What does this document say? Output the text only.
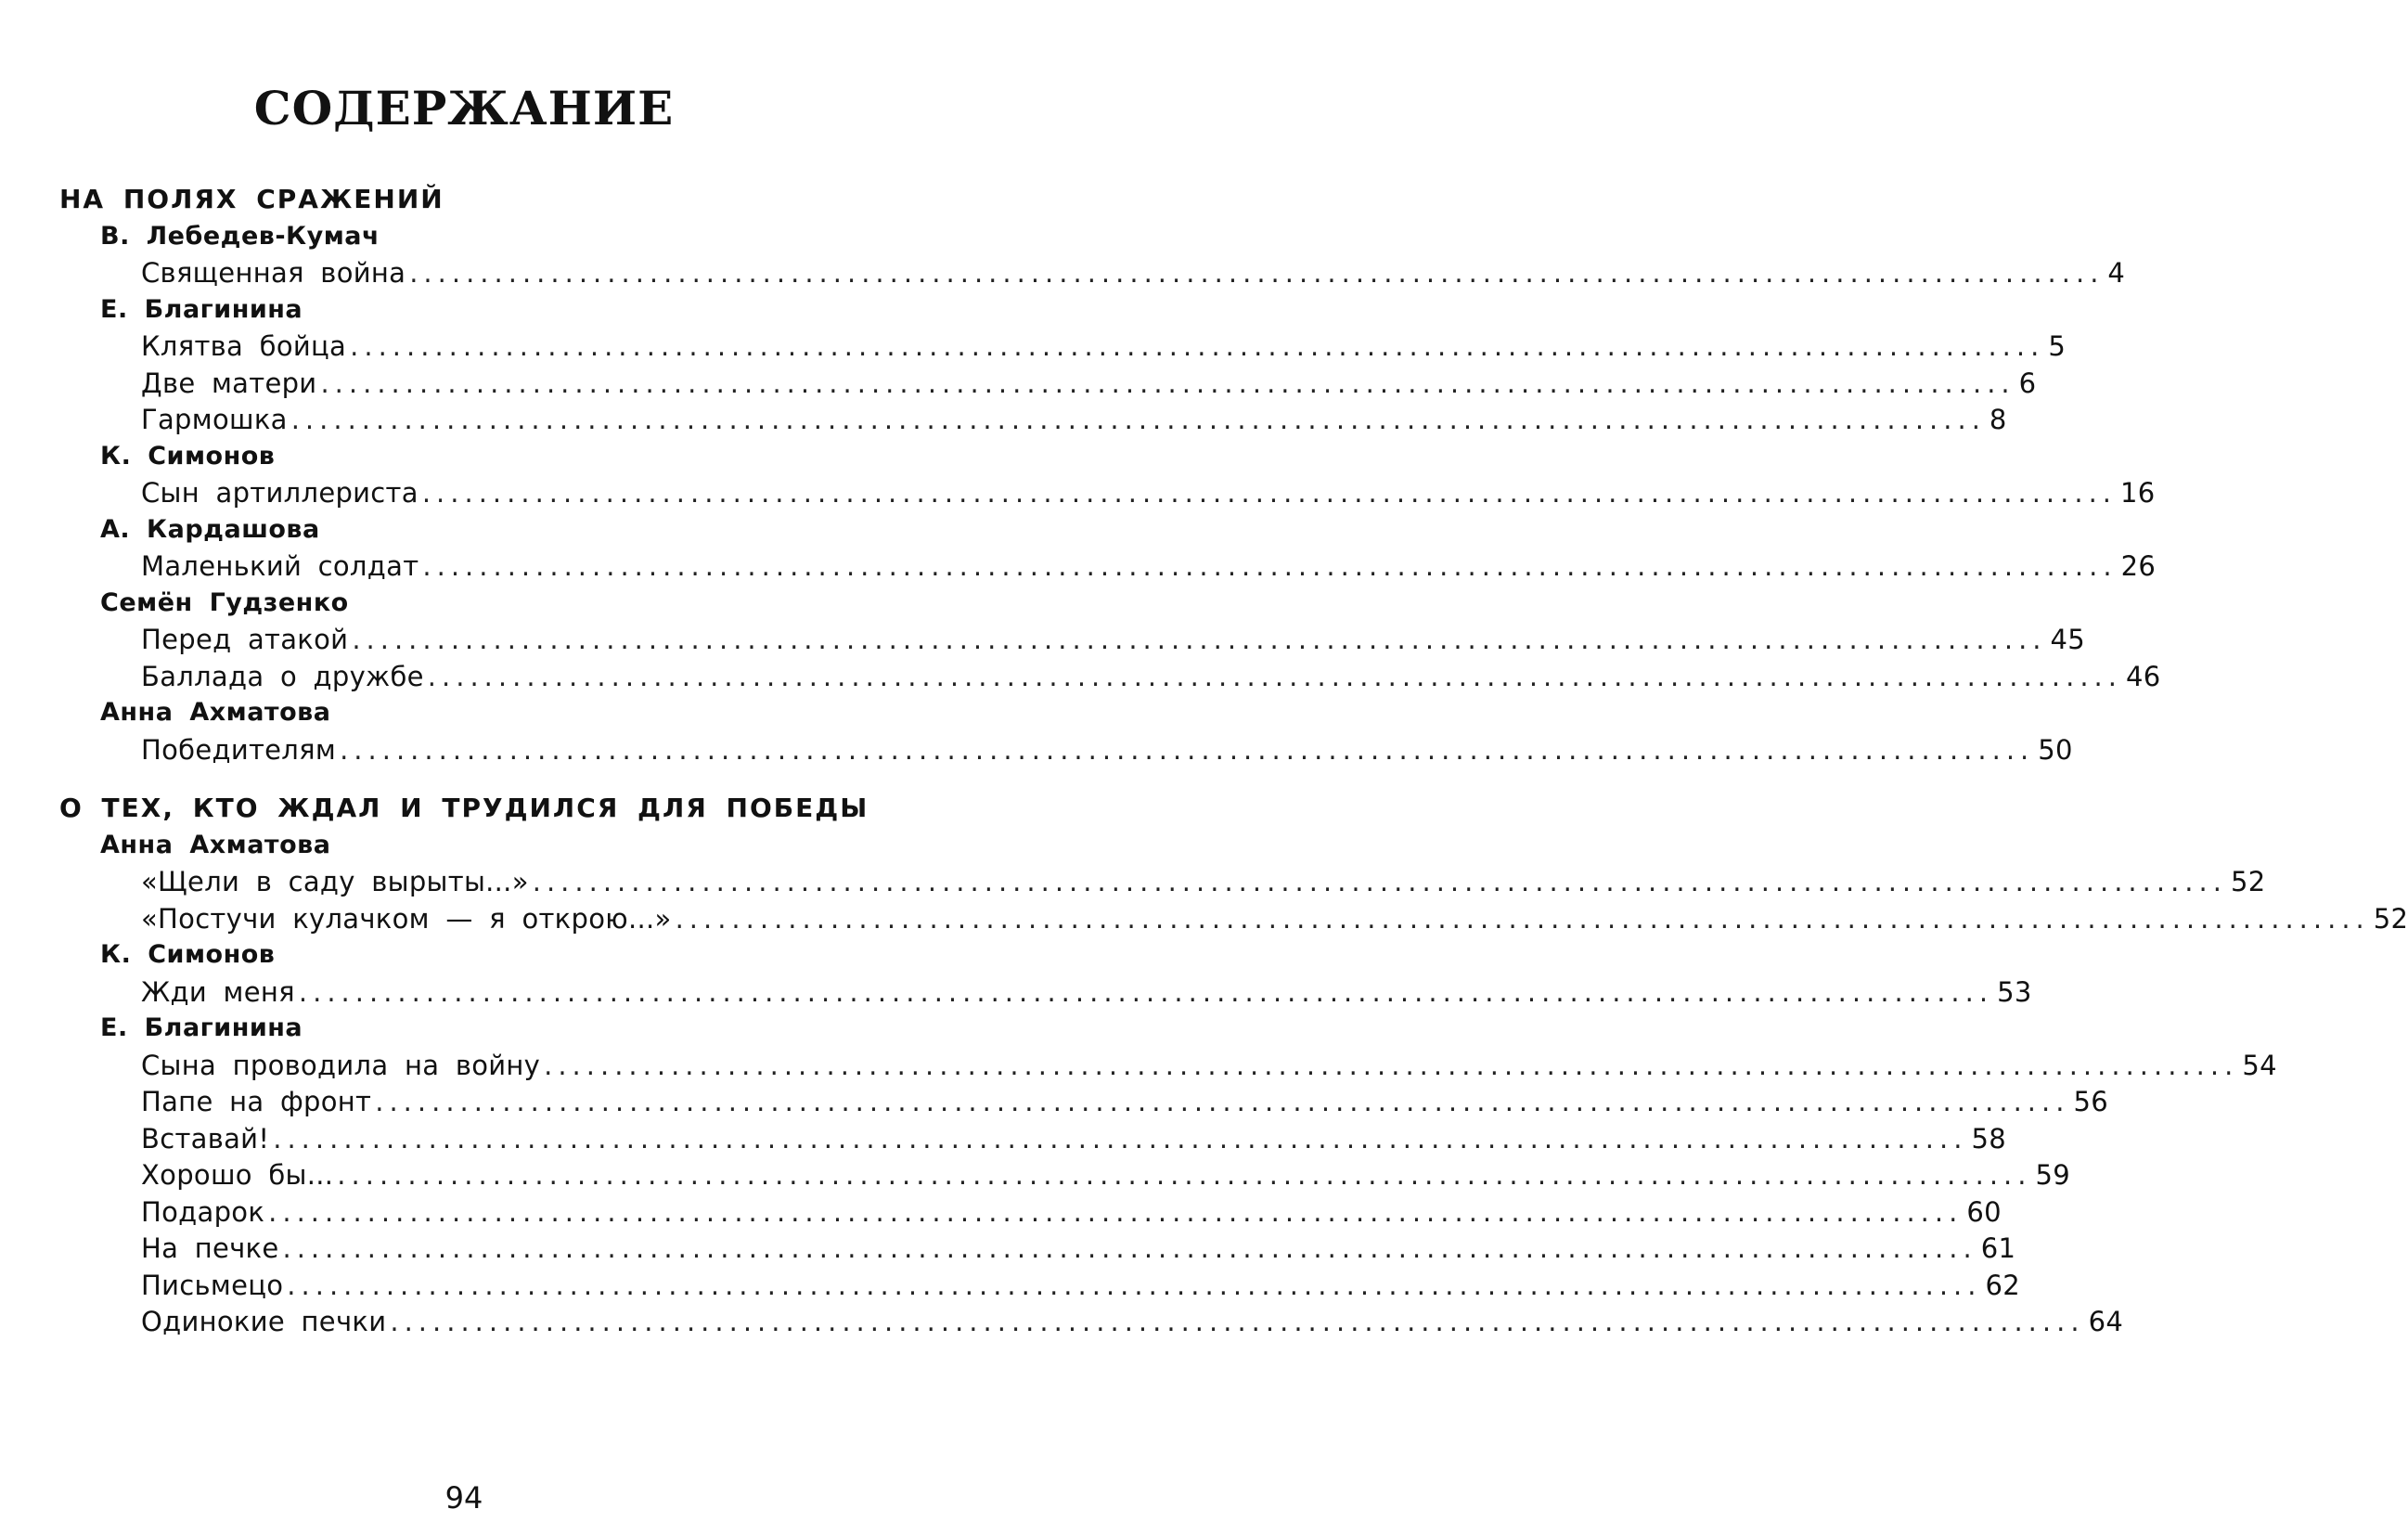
СОДЕРЖАНИЕ
НА ПОЛЯХ СРАЖЕНИЙ
В. Лебедев-Кумач
Священная война ........................................................................................................................ 4
Е. Благинина
Клятва бойца ........................................................................................................................ 5
Две матери ........................................................................................................................ 6
Гармошка ........................................................................................................................ 8
К. Симонов
Сын артиллериста ........................................................................................................................ 16
А. Кардашова
Маленький солдат ........................................................................................................................ 26
Семён Гудзенко
Перед атакой ........................................................................................................................ 45
Баллада о дружбе ........................................................................................................................ 46
Анна Ахматова
Победителям ........................................................................................................................ 50
О ТЕХ, КТО ЖДАЛ И ТРУДИЛСЯ ДЛЯ ПОБЕДЫ
Анна Ахматова
«Щели в саду вырыты...» ........................................................................................................................ 52
«Постучи кулачком — я открою...» ........................................................................................................................ 52
К. Симонов
Жди меня ........................................................................................................................ 53
Е. Благинина
Сына проводила на войну ........................................................................................................................ 54
Папе на фронт ........................................................................................................................ 56
Вставай! ........................................................................................................................ 58
Хорошо бы... ........................................................................................................................ 59
Подарок ........................................................................................................................ 60
На печке ........................................................................................................................ 61
Письмецо ........................................................................................................................ 62
Одинокие печки ........................................................................................................................ 64
94
